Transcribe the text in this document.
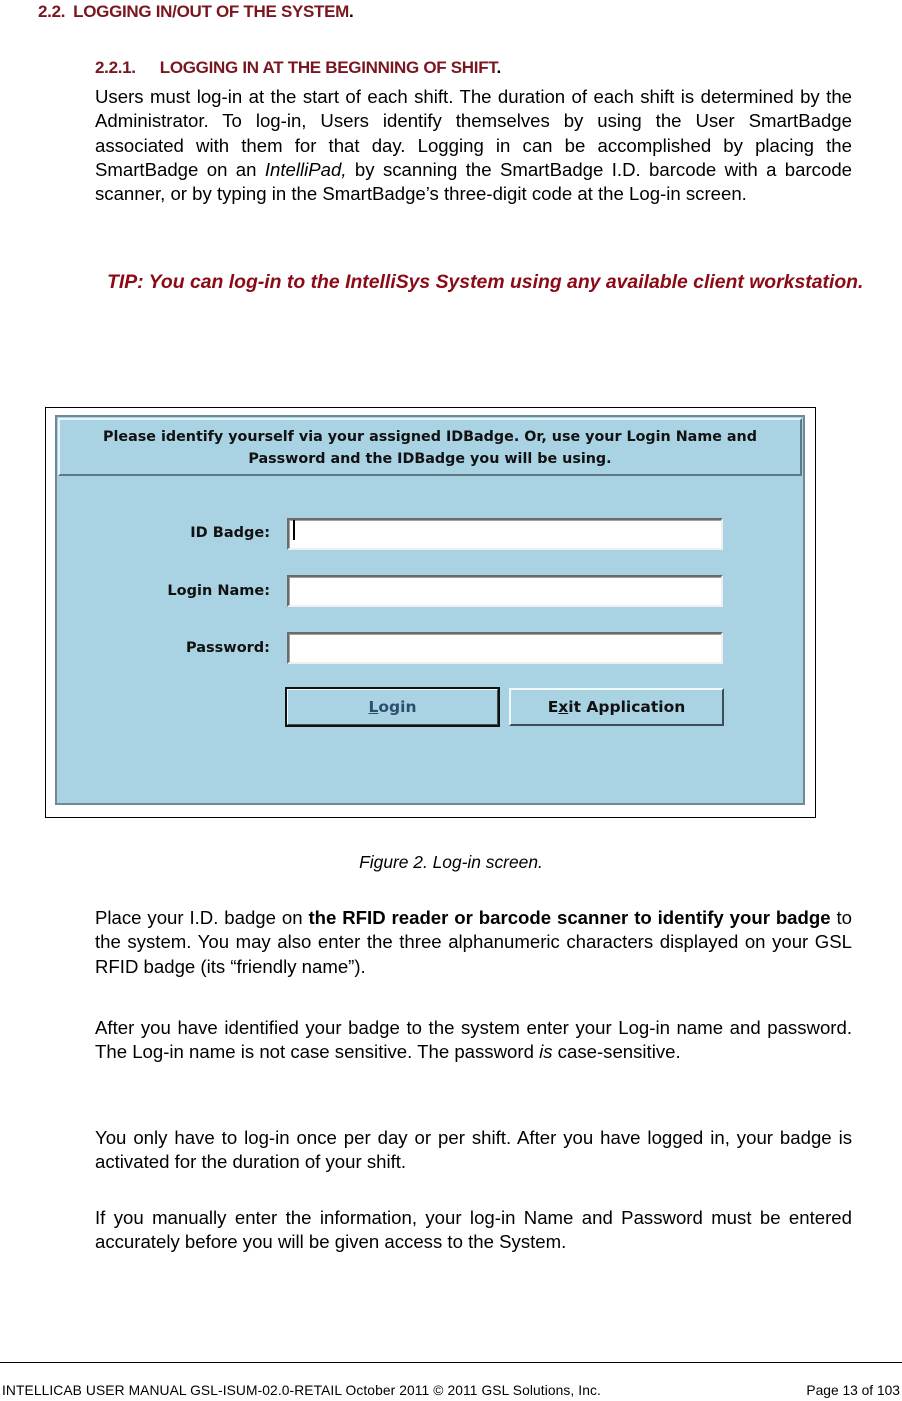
2.2. LOGGING IN/OUT OF THE SYSTEM.
2.2.1. LOGGING IN AT THE BEGINNING OF SHIFT.

Users must log-in at the start of each shift. The duration of each shift is determined by the Administrator. To log-in, Users identify themselves by using the User SmartBadge associated with them for that day. Logging in can be accomplished by placing the SmartBadge on an IntelliPad, by scanning the SmartBadge I.D. barcode with a barcode scanner, or by typing in the SmartBadge’s three-digit code at the Log-in screen.

TIP: You can log-in to the IntelliSys System using any available client workstation.

Please identify yourself via your assigned IDBadge. Or, use your Login Name and
Password and the IDBadge you will be using.
ID Badge:
Login Name:
Password:
L ogin	E x it Application

Figure 2. Log-in screen.

Place your I.D. badge on the RFID reader or barcode scanner to identify your badge to the system. You may also enter the three alphanumeric characters displayed on your GSL RFID badge (its “friendly name”).

After you have identified your badge to the system enter your Log-in name and password. The Log-in name is not case sensitive. The password is case-sensitive.

You only have to log-in once per day or per shift. After you have logged in, your badge is activated for the duration of your shift.

If you manually enter the information, your log-in Name and Password must be entered accurately before you will be given access to the System.

INTELLICAB USER MANUAL GSL-ISUM-02.0-RETAIL October 2011 © 2011 GSL Solutions, Inc.	Page 13 of 103
